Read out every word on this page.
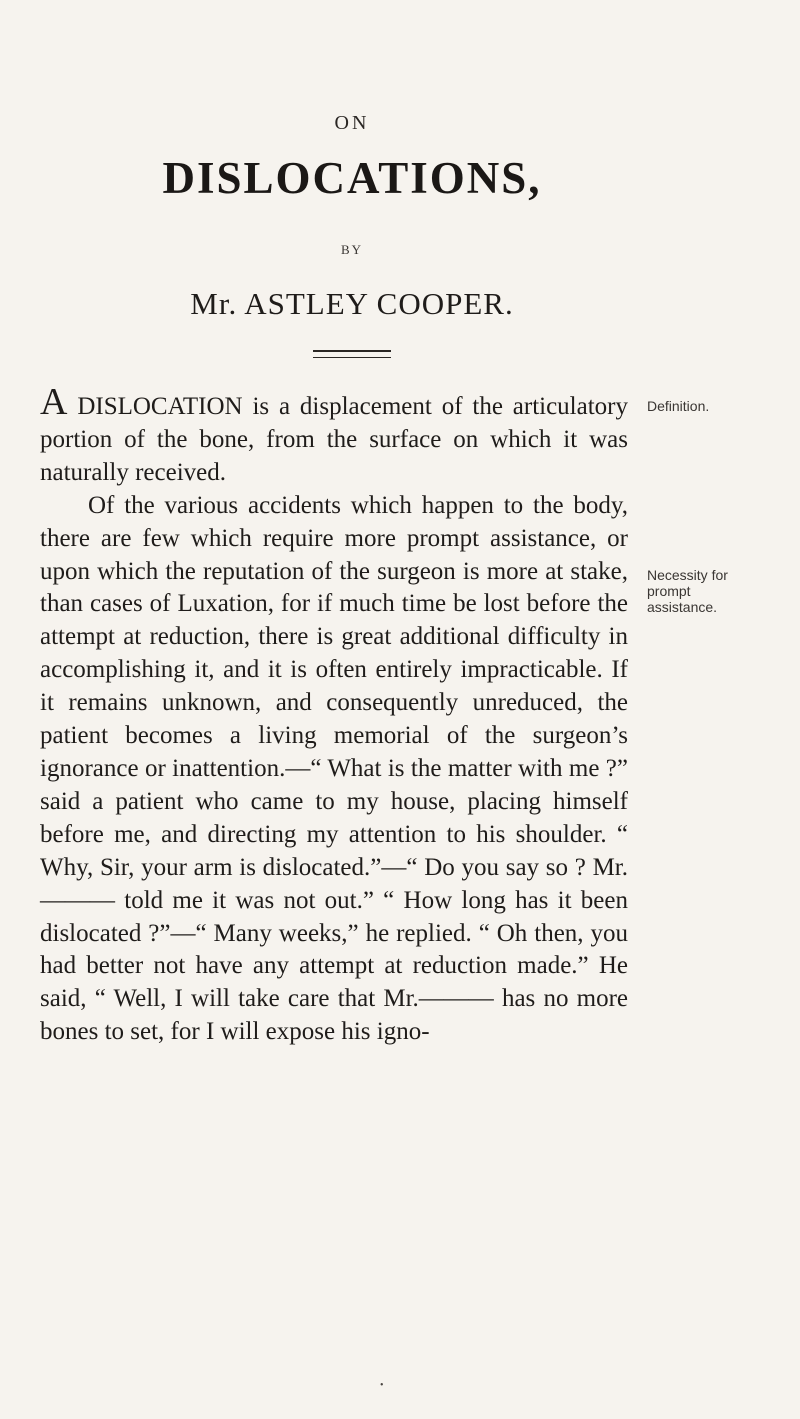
ON
DISLOCATIONS,
BY
Mr. ASTLEY COOPER.
Definition.
Necessity for prompt assistance.

A DISLOCATION is a displacement of the articulatory portion of the bone, from the surface on which it was naturally received.

Of the various accidents which happen to the body, there are few which require more prompt assistance, or upon which the reputation of the surgeon is more at stake, than cases of Luxation, for if much time be lost before the attempt at reduction, there is great additional difficulty in accomplishing it, and it is often entirely impracticable. If it remains unknown, and consequently unreduced, the patient becomes a living memorial of the surgeon’s ignorance or inattention.—“ What is the matter with me ?” said a patient who came to my house, placing himself before me, and directing my attention to his shoulder. “ Why, Sir, your arm is dislocated.”—“ Do you say so ? Mr.——— told me it was not out.” “ How long has it been dislocated ?”—“ Many weeks,” he replied. “ Oh then, you had better not have any attempt at reduction made.” He said, “ Well, I will take care that Mr.——— has no more bones to set, for I will expose his igno-

•
